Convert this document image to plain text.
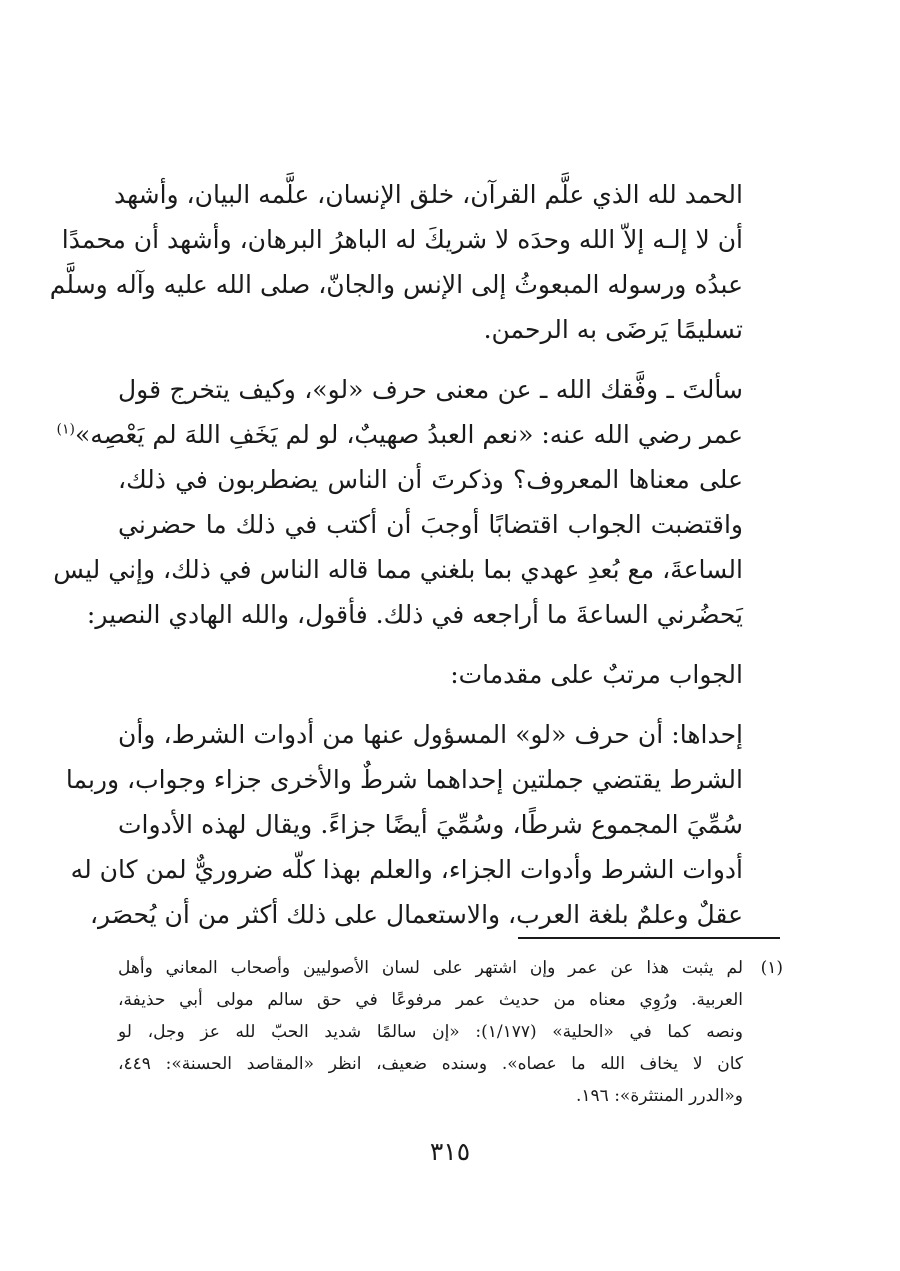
الحمد لله الذي علَّم القرآن، خلق الإنسان، علَّمه البيان، وأشهد
أن لا إلـه إلاّ الله وحدَه لا شريكَ له الباهرُ البرهان، وأشهد أن محمدًا
عبدُه ورسوله المبعوثُ إلى الإنس والجانّ، صلى الله عليه وآله وسلَّم
تسليمًا يَرضَى به الرحمن.

سألتَ ـ وفَّقك الله ـ عن معنى حرف «لو»، وكيف يتخرج قول
عمر رضي الله عنه: «نعم العبدُ صهيبٌ، لو لم يَخَفِ اللهَ لم يَعْصِه»$^{(١)}$
على معناها المعروف؟ وذكرتَ أن الناس يضطربون في ذلك،
واقتضبت الجواب اقتضابًا أوجبَ أن أكتب في ذلك ما حضرني
الساعةَ، مع بُعدِ عهدي بما بلغني مما قاله الناس في ذلك، وإني ليس
يَحضُرني الساعةَ ما أراجعه في ذلك. فأقول، والله الهادي النصير:

الجواب مرتبٌ على مقدمات:

إحداها: أن حرف «لو» المسؤول عنها من أدوات الشرط، وأن
الشرط يقتضي جملتين إحداهما شرطٌ والأخرى جزاء وجواب، وربما
سُمِّيَ المجموع شرطًا، وسُمِّيَ أيضًا جزاءً. ويقال لهذه الأدوات
أدوات الشرط وأدوات الجزاء، والعلم بهذا كلّه ضروريٌّ لمن كان له
عقلٌ وعلمٌ بلغة العرب، والاستعمال على ذلك أكثر من أن يُحصَر،

(١)
لم يثبت هذا عن عمر وإن اشتهر على لسان الأصوليين وأصحاب المعاني وأهل
العربية. ورُوِي معناه من حديث عمر مرفوعًا في حق سالم مولى أبي حذيفة،
ونصه كما في «الحلية» (١/١٧٧): «إن سالمًا شديد الحبّ لله عز وجل، لو
كان لا يخاف الله ما عصاه». وسنده ضعيف، انظر «المقاصد الحسنة»: ٤٤٩،
و«الدرر المنتثرة»: ١٩٦.
٣١٥
